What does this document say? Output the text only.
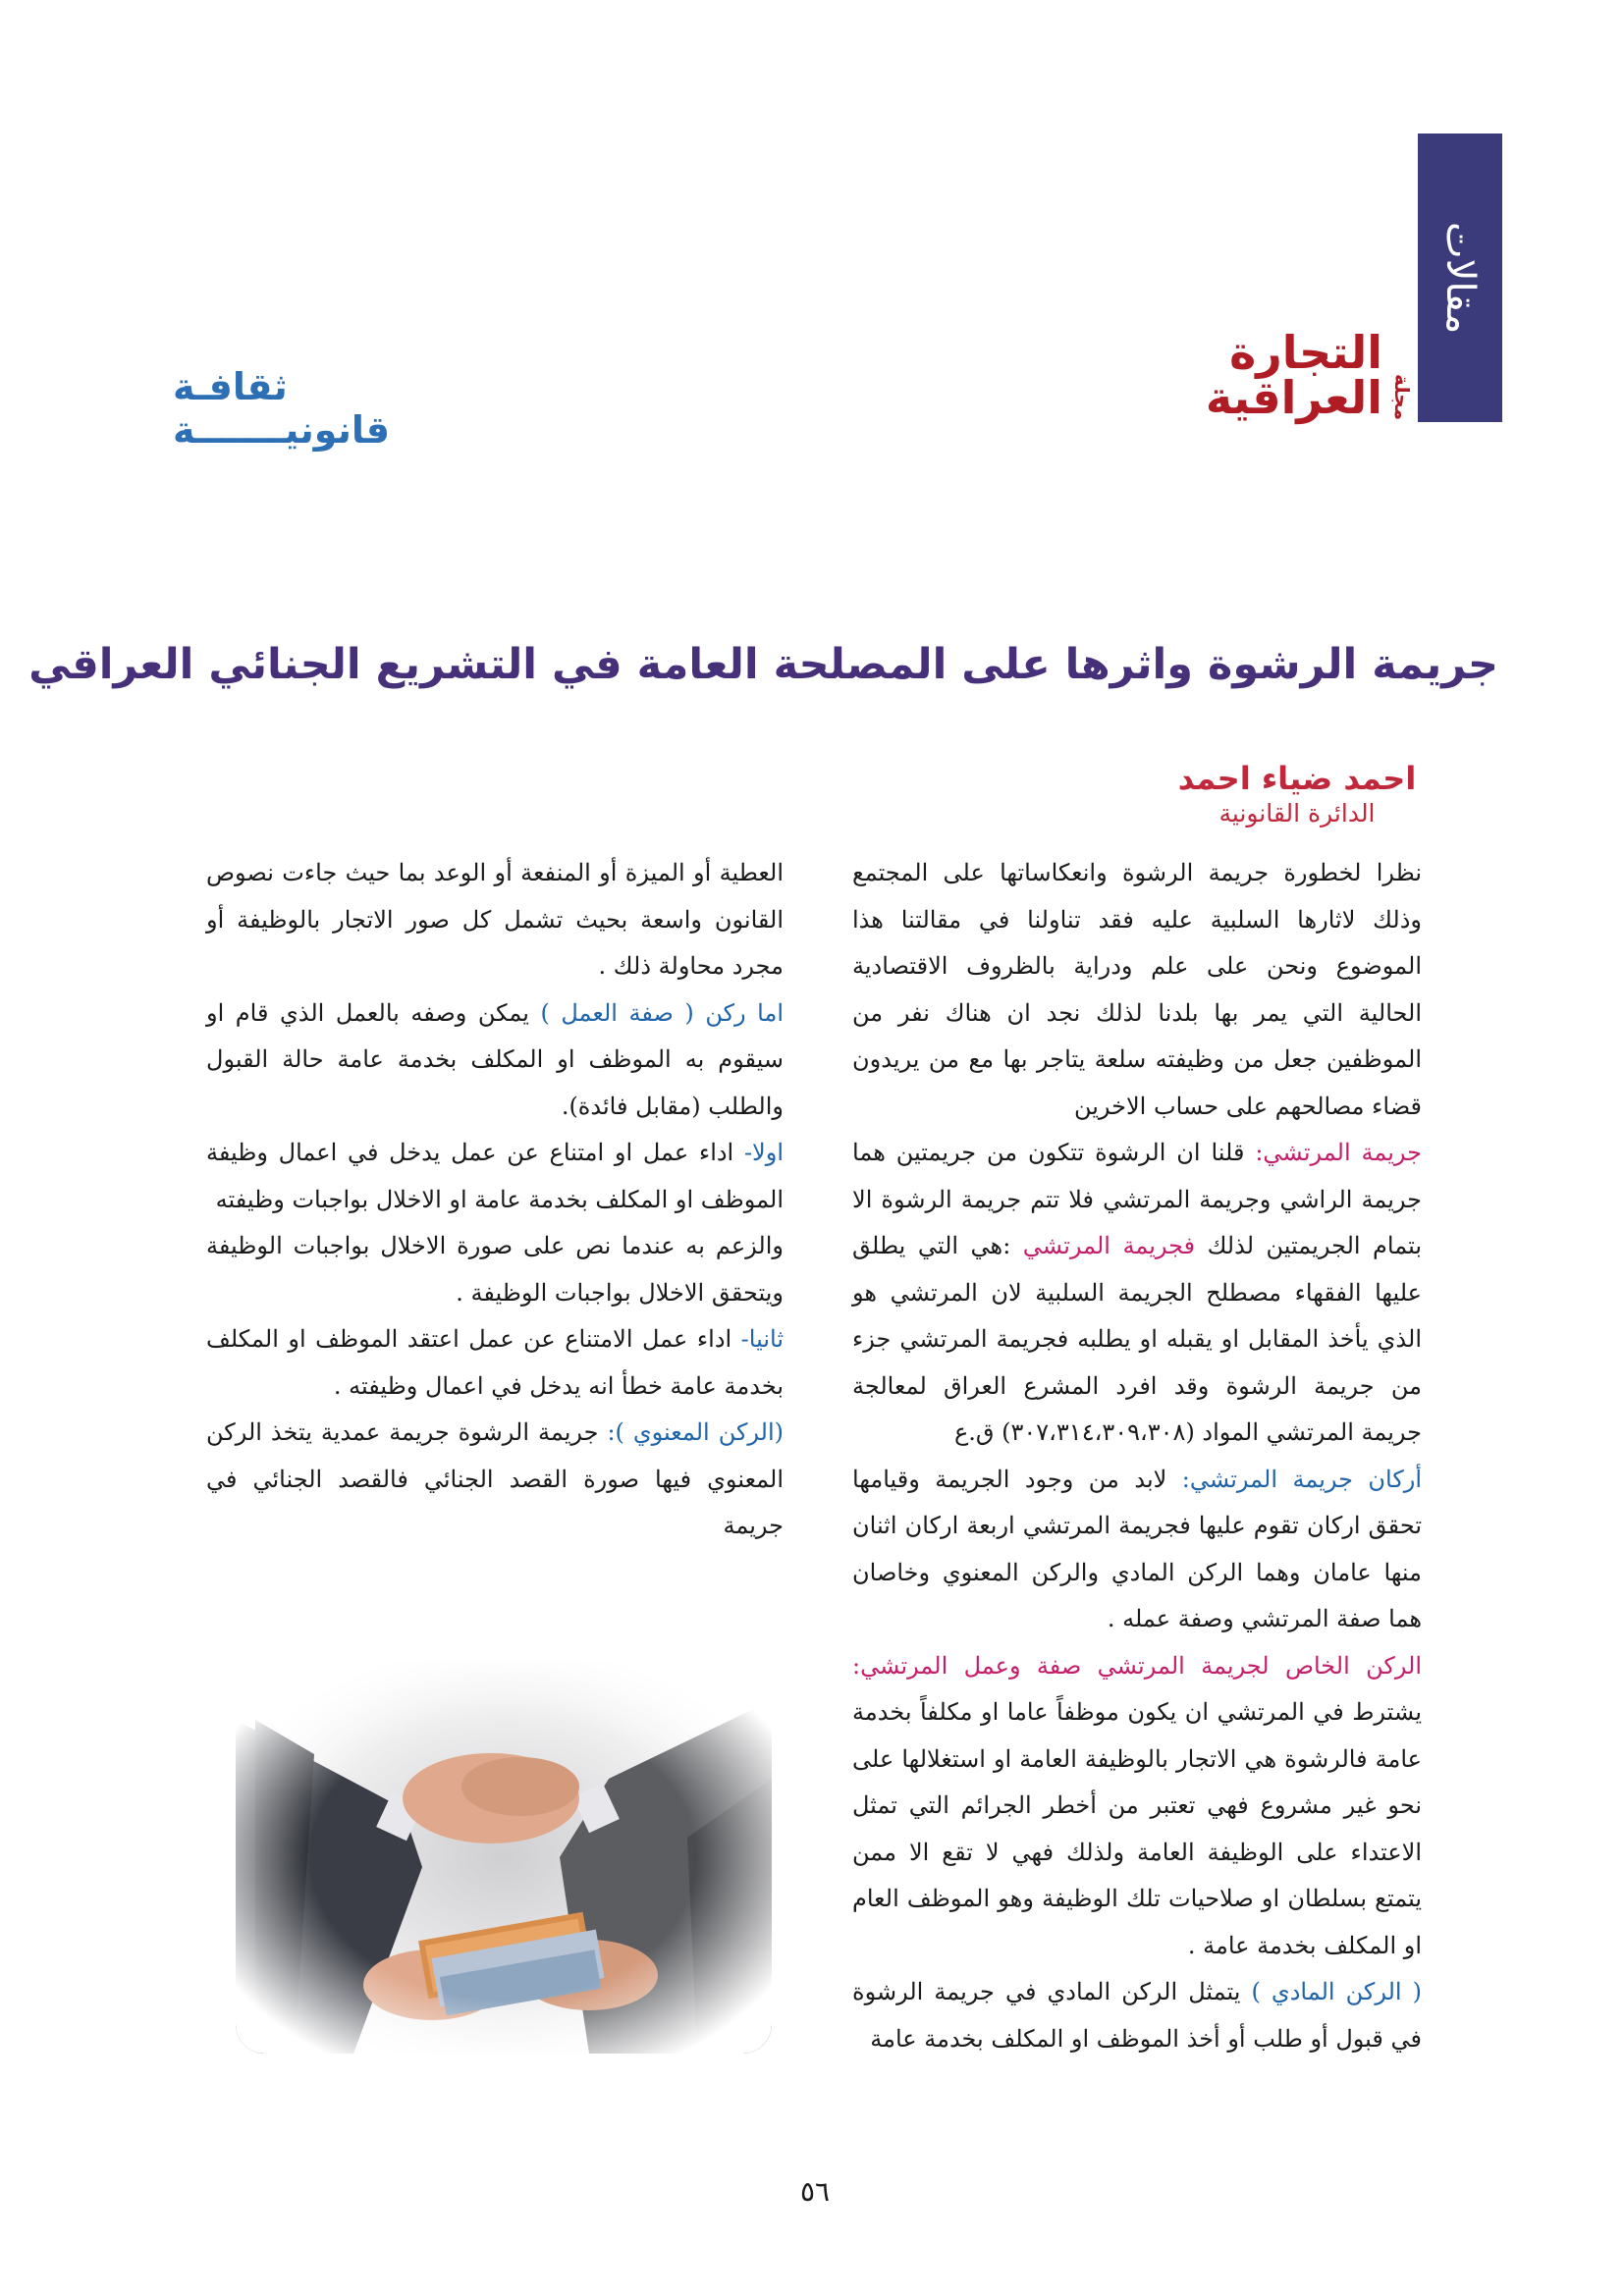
مقالات
مجلة
التجارة العراقية
ثقافـة قانونيـــــــة
جريمة الرشوة واثرها على المصلحة العامة في التشريع الجنائي العراقي
احمد ضياء احمد
الدائرة القانونية

نظرا لخطورة جريمة الرشوة وانعكاساتها على المجتمع وذلك لاثارها السلبية عليه فقد تناولنا في مقالتنا هذا الموضوع ونحن على علم ودراية بالظروف الاقتصادية الحالية التي يمر بها بلدنا لذلك نجد ان هناك نفر من الموظفين جعل من وظيفته سلعة يتاجر بها مع من يريدون قضاء مصالحهم على حساب الاخرين

جريمة المرتشي: قلنا ان الرشوة تتكون من جريمتين هما جريمة الراشي وجريمة المرتشي فلا تتم جريمة الرشوة الا بتمام الجريمتين لذلك فجريمة المرتشي :هي التي يطلق عليها الفقهاء مصطلح الجريمة السلبية لان المرتشي هو الذي يأخذ المقابل او يقبله او يطلبه فجريمة المرتشي جزء من جريمة الرشوة وقد افرد المشرع العراق لمعالجة جريمة المرتشي المواد (٣٠٧،٣١٤،٣٠٩،٣٠٨) ق.ع

أركان جريمة المرتشي: لابد من وجود الجريمة وقيامها تحقق اركان تقوم عليها فجريمة المرتشي اربعة اركان اثنان منها عامان وهما الركن المادي والركن المعنوي وخاصان هما صفة المرتشي وصفة عمله .

الركن الخاص لجريمة المرتشي صفة وعمل المرتشي: يشترط في المرتشي ان يكون موظفاً عاما او مكلفاً بخدمة عامة فالرشوة هي الاتجار بالوظيفة العامة او استغلالها على نحو غير مشروع فهي تعتبر من أخطر الجرائم التي تمثل الاعتداء على الوظيفة العامة ولذلك فهي لا تقع الا ممن يتمتع بسلطان او صلاحيات تلك الوظيفة وهو الموظف العام او المكلف بخدمة عامة .

( الركن المادي ) يتمثل الركن المادي في جريمة الرشوة في قبول أو طلب أو أخذ الموظف او المكلف بخدمة عامة

العطية أو الميزة أو المنفعة أو الوعد بما حيث جاءت نصوص القانون واسعة بحيث تشمل كل صور الاتجار بالوظيفة أو مجرد محاولة ذلك .

اما ركن ( صفة العمل ) يمكن وصفه بالعمل الذي قام او سيقوم به الموظف او المكلف بخدمة عامة حالة القبول والطلب (مقابل فائدة).

اولا- اداء عمل او امتناع عن عمل يدخل في اعمال وظيفة الموظف او المكلف بخدمة عامة او الاخلال بواجبات وظيفته

والزعم به عندما نص على صورة الاخلال بواجبات الوظيفة ويتحقق الاخلال بواجبات الوظيفة .

ثانيا- اداء عمل الامتناع عن عمل اعتقد الموظف او المكلف بخدمة عامة خطأ انه يدخل في اعمال وظيفته .

(الركن المعنوي ): جريمة الرشوة جريمة عمدية يتخذ الركن المعنوي فيها صورة القصد الجنائي فالقصد الجنائي في جريمة

٥٦
